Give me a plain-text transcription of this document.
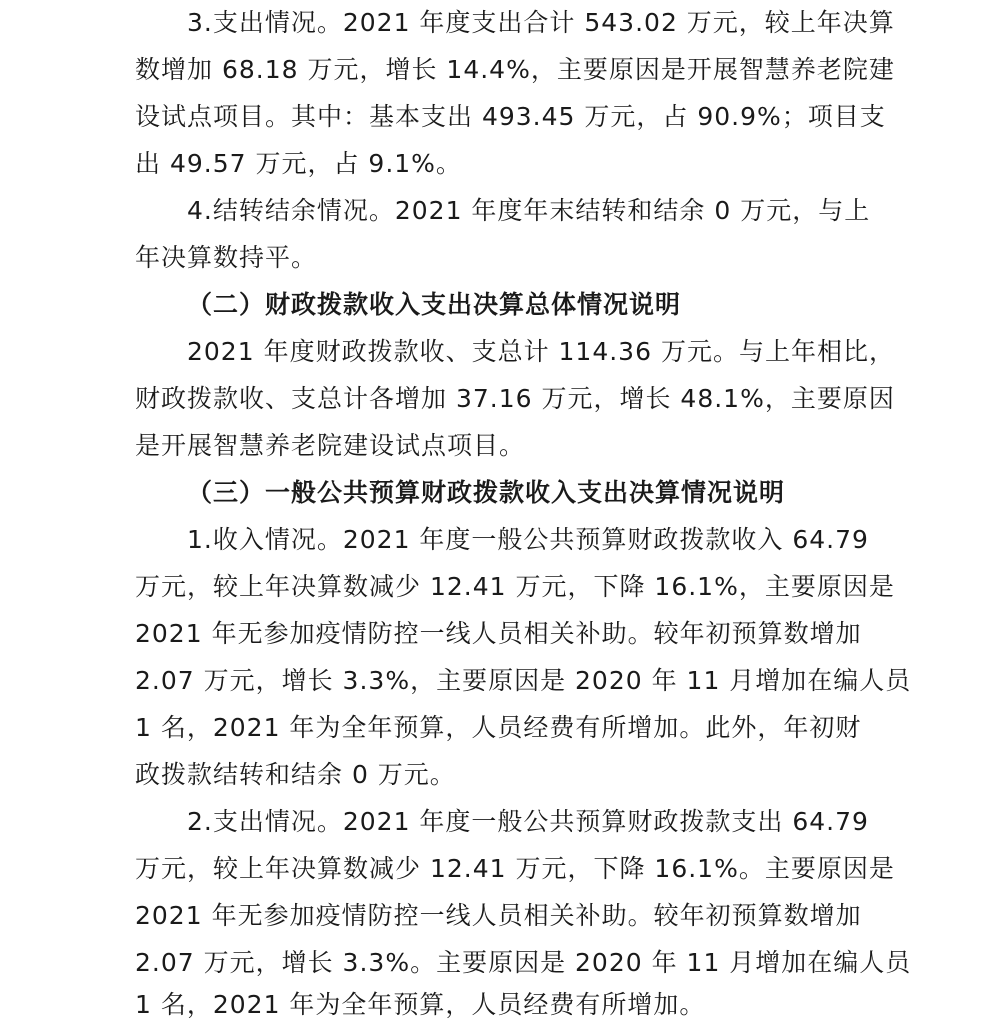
3.支出情况。2021 年度支出合计 543.02 万元，较上年决算
数增加 68.18 万元，增长 14.4%，主要原因是开展智慧养老院建
设试点项目。其中：基本支出 493.45 万元，占 90.9%；项目支
出 49.57 万元，占 9.1%。
4.结转结余情况。2021 年度年末结转和结余 0 万元，与上
年决算数持平。
（二）财政拨款收入支出决算总体情况说明
2021 年度财政拨款收、支总计 114.36 万元。与上年相比，
财政拨款收、支总计各增加 37.16 万元，增长 48.1%，主要原因
是开展智慧养老院建设试点项目。
（三）一般公共预算财政拨款收入支出决算情况说明
1.收入情况。2021 年度一般公共预算财政拨款收入 64.79
万元，较上年决算数减少 12.41 万元，下降 16.1%，主要原因是
2021 年无参加疫情防控一线人员相关补助。较年初预算数增加
2.07 万元，增长 3.3%，主要原因是 2020 年 11 月增加在编人员
1 名，2021 年为全年预算，人员经费有所增加。此外，年初财
政拨款结转和结余 0 万元。
2.支出情况。2021 年度一般公共预算财政拨款支出 64.79
万元，较上年决算数减少 12.41 万元，下降 16.1%。主要原因是
2021 年无参加疫情防控一线人员相关补助。较年初预算数增加
2.07 万元，增长 3.3%。主要原因是 2020 年 11 月增加在编人员
1 名，2021 年为全年预算，人员经费有所增加。
